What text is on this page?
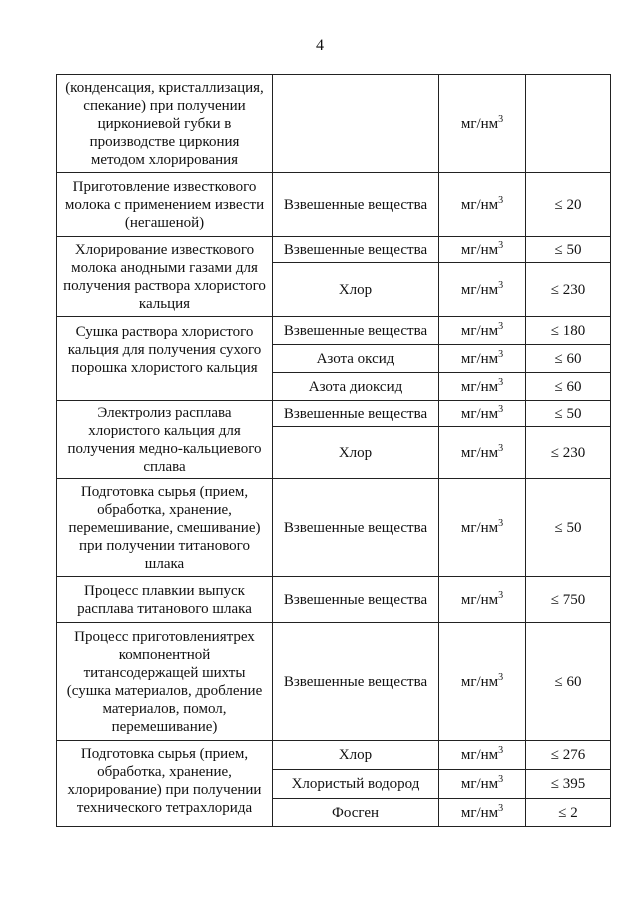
4
(конденсация, кристаллизация, спекание) при получении циркониевой губки в производстве циркония методом хлорирования		$мг/нм^3$	
Приготовление известкового молока с применением извести (негашеной)	Взвешенные вещества	$мг/нм^3$	≤ 20
Хлорирование известкового молока анодными газами для получения раствора хлористого кальция	Взвешенные вещества	$мг/нм^3$	≤ 50
	Хлор	$мг/нм^3$	≤ 230
Сушка раствора хлористого кальция для получения сухого порошка хлористого кальция	Взвешенные вещества	$мг/нм^3$	≤ 180
	Азота оксид	$мг/нм^3$	≤ 60
	Азота диоксид	$мг/нм^3$	≤ 60
Электролиз расплава хлористого кальция для получения медно-кальциевого сплава	Взвешенные вещества	$мг/нм^3$	≤ 50
	Хлор	$мг/нм^3$	≤ 230
Подготовка сырья (прием, обработка, хранение, перемешивание, смешивание) при получении титанового шлака	Взвешенные вещества	$мг/нм^3$	≤ 50
Процесс плавкии выпуск расплава титанового шлака	Взвешенные вещества	$мг/нм^3$	≤ 750
Процесс приготовлениятрех компонентной титансодержащей шихты (сушка материалов, дробление материалов, помол, перемешивание)	Взвешенные вещества	$мг/нм^3$	≤ 60
Подготовка сырья (прием, обработка, хранение, хлорирование) при получении технического тетрахлорида	Хлор	$мг/нм^3$	≤ 276
	Хлористый водород	$мг/нм^3$	≤ 395
	Фосген	$мг/нм^3$	≤ 2
